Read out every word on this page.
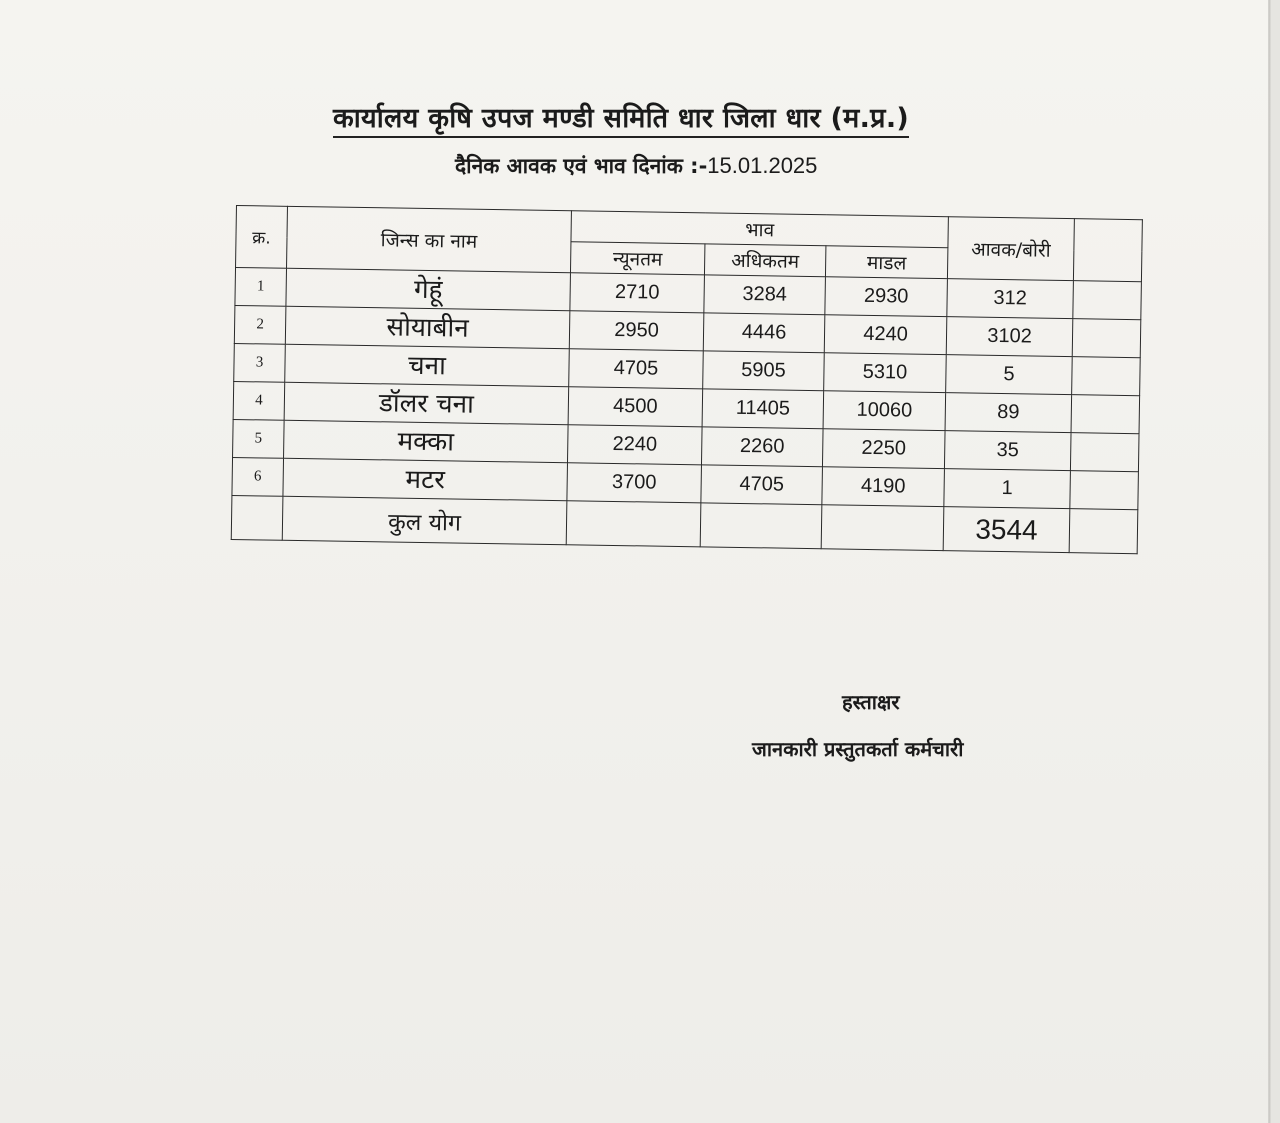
कार्यालय कृषि उपज मण्डी समिति धार जिला धार (म.प्र.)
दैनिक आवक एवं भाव दिनांक :-15.01.2025
क्र.	जिन्स का नाम	भाव			आवक/बोरी	
		न्यूनतम	अधिकतम	माडल		
1	गेहूं	2710	3284	2930	312	
2	सोयाबीन	2950	4446	4240	3102	
3	चना	4705	5905	5310	5	
4	डॉलर चना	4500	11405	10060	89	
5	मक्का	2240	2260	2250	35	
6	मटर	3700	4705	4190	1	
	कुल योग				3544	
हस्ताक्षर
जानकारी प्रस्तुतकर्ता कर्मचारी
